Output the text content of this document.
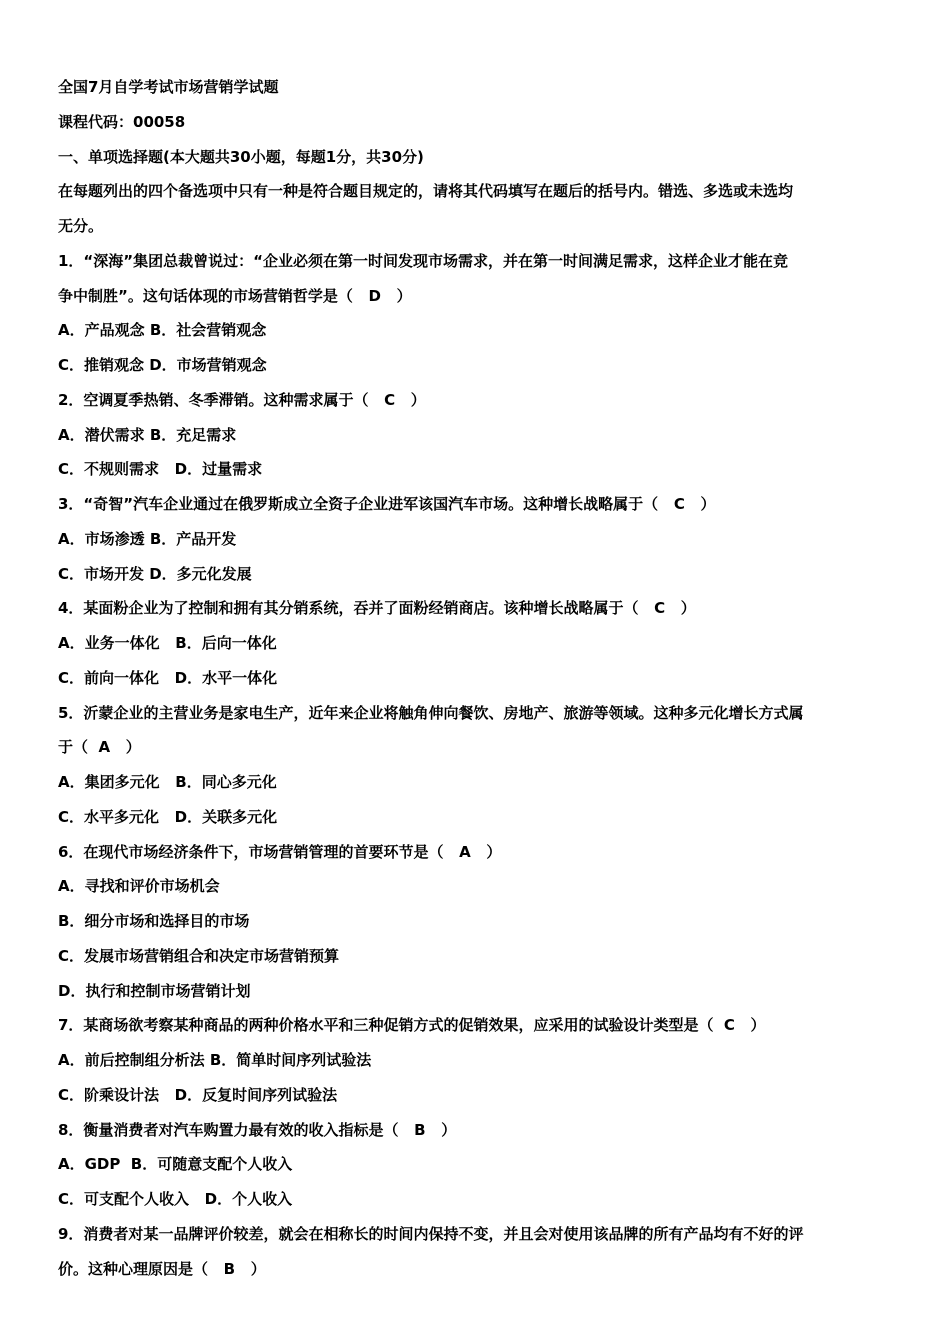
全国7月自学考试市场营销学试题
课程代码：00058
一、单项选择题(本大题共30小题，每题1分，共30分)
在每题列出的四个备选项中只有一种是符合题目规定的，请将其代码填写在题后的括号内。错选、多选或未选均
无分。
1．“深海”集团总裁曾说过：“企业必须在第一时间发现市场需求，并在第一时间满足需求，这样企业才能在竞
争中制胜”。这句话体现的市场营销哲学是（   D   ）
A．产品观念 B．社会营销观念
C．推销观念 D．市场营销观念
2．空调夏季热销、冬季滞销。这种需求属于（   C   ）
A．潜伏需求 B．充足需求
C．不规则需求   D．过量需求
3．“奇智”汽车企业通过在俄罗斯成立全资子企业进军该国汽车市场。这种增长战略属于（   C   ）
A．市场渗透 B．产品开发
C．市场开发 D．多元化发展
4．某面粉企业为了控制和拥有其分销系统，吞并了面粉经销商店。该种增长战略属于（   C   ）
A．业务一体化   B．后向一体化
C．前向一体化   D．水平一体化
5．沂蒙企业的主营业务是家电生产，近年来企业将触角伸向餐饮、房地产、旅游等领域。这种多元化增长方式属
于（  A   ）
A．集团多元化   B．同心多元化
C．水平多元化   D．关联多元化
6．在现代市场经济条件下，市场营销管理的首要环节是（   A   ）
A．寻找和评价市场机会
B．细分市场和选择目的市场
C．发展市场营销组合和决定市场营销预算
D．执行和控制市场营销计划
7．某商场欲考察某种商品的两种价格水平和三种促销方式的促销效果，应采用的试验设计类型是（  C   ）
A．前后控制组分析法 B．简单时间序列试验法
C．阶乘设计法   D．反复时间序列试验法
8．衡量消费者对汽车购置力最有效的收入指标是（   B   ）
A．GDP  B．可随意支配个人收入
C．可支配个人收入   D．个人收入
9．消费者对某一品牌评价较差，就会在相称长的时间内保持不变，并且会对使用该品牌的所有产品均有不好的评
价。这种心理原因是（   B   ）
